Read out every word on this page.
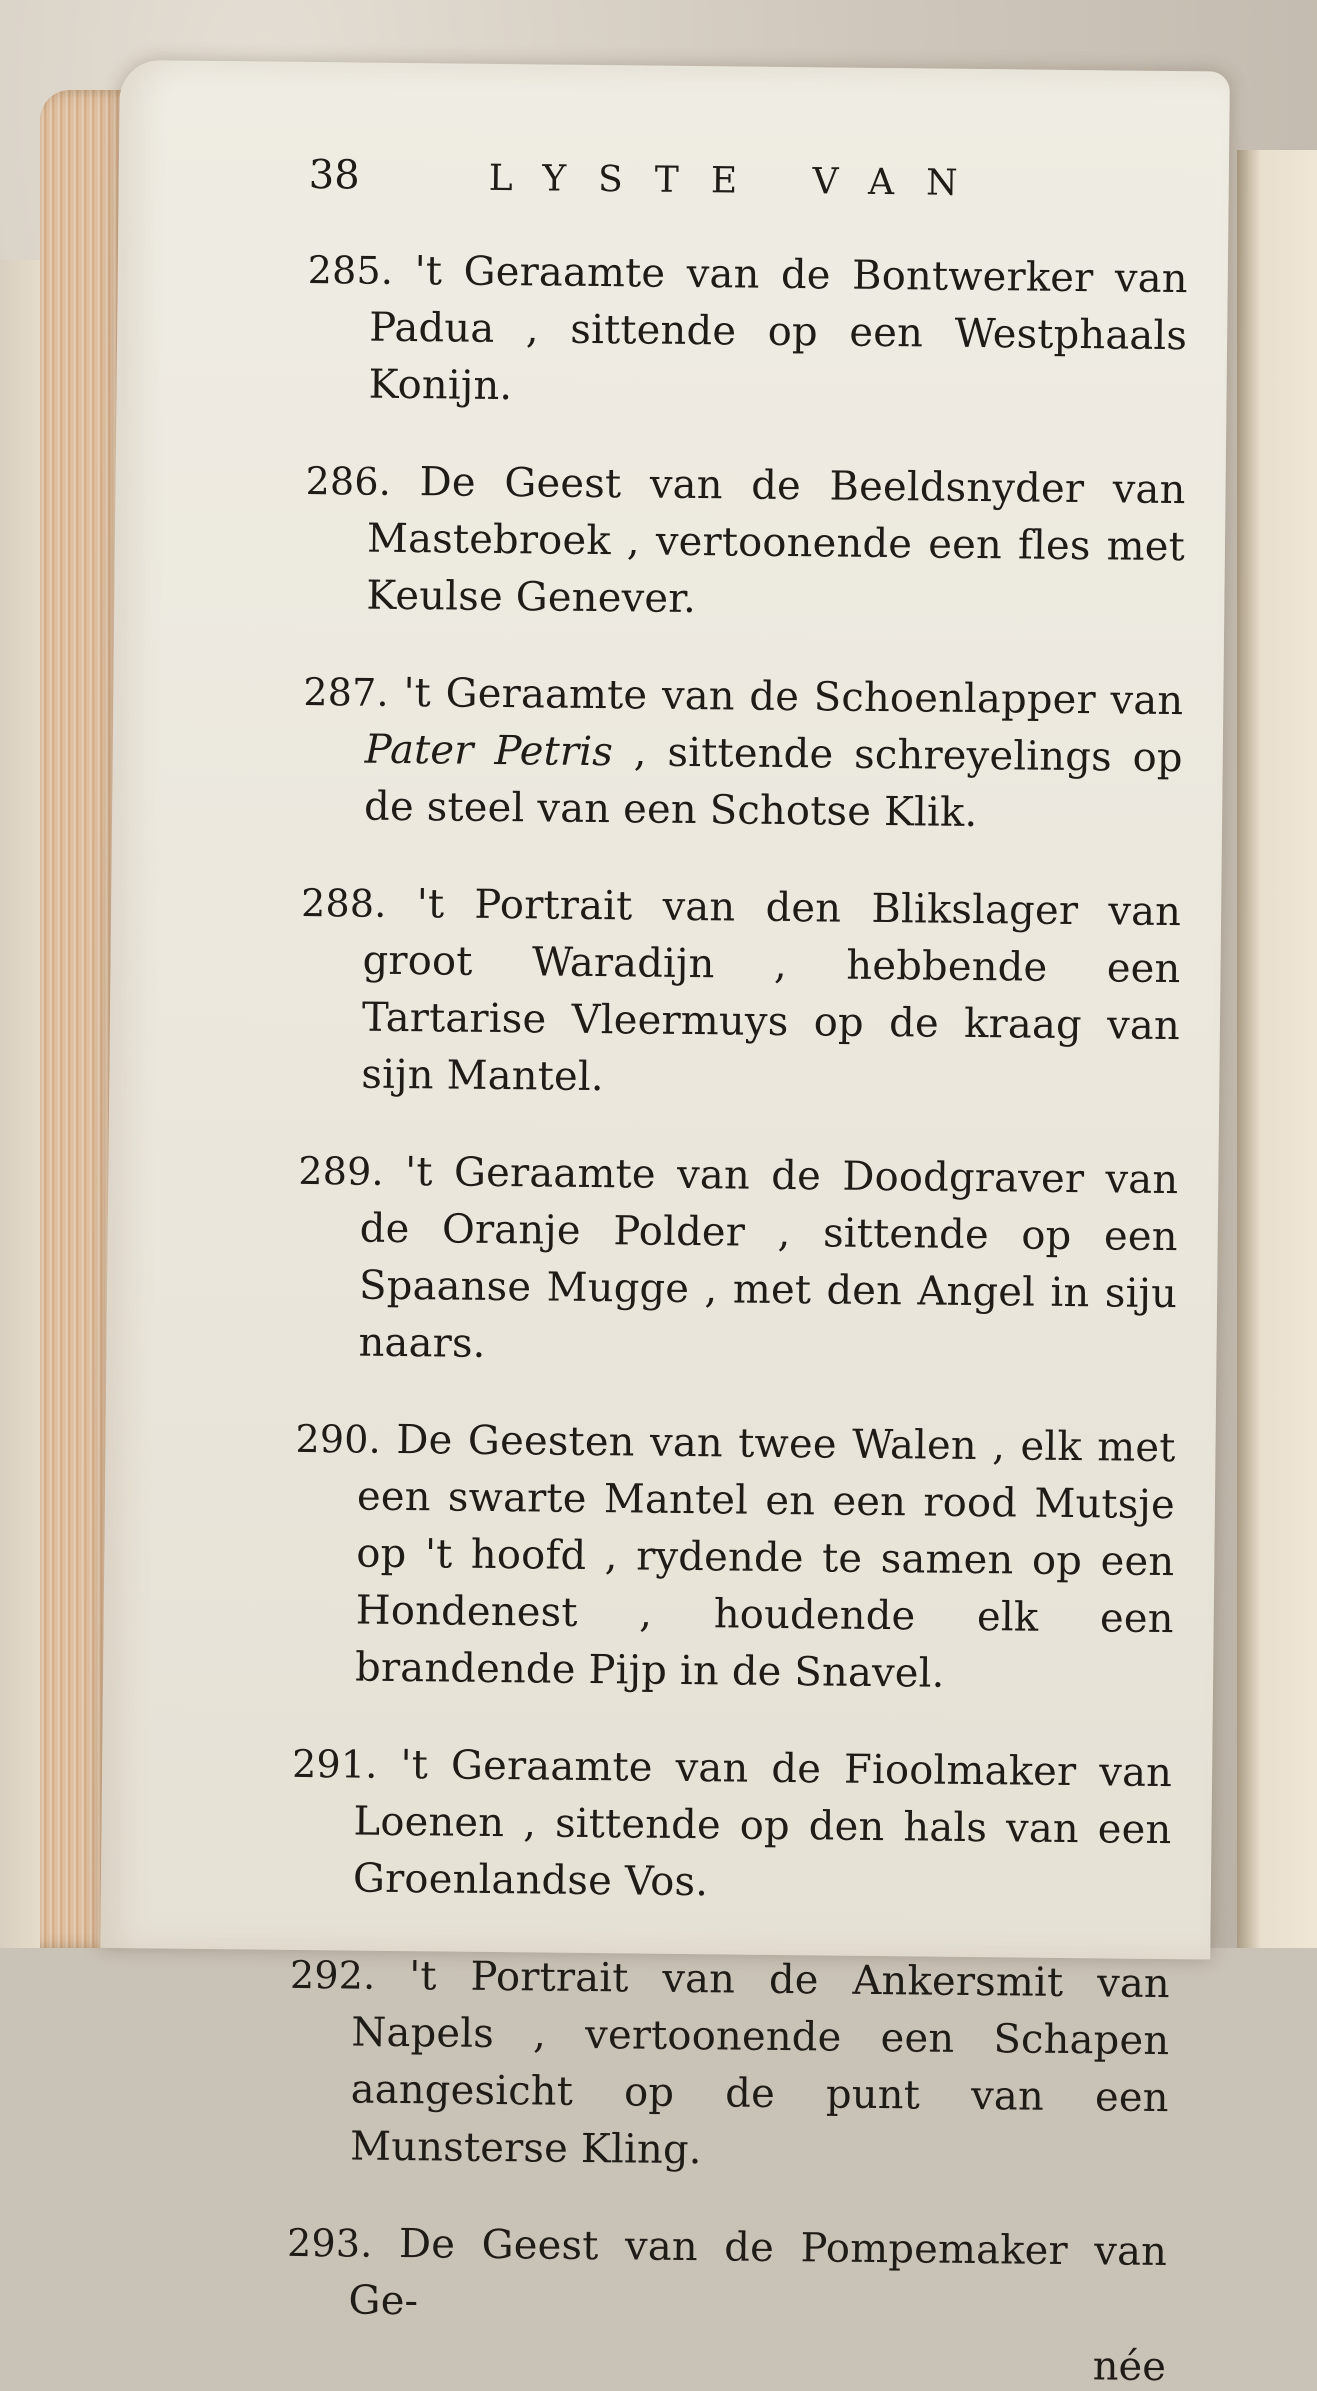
38	LYSTE VAN

285. 't Geraamte van de Bontwerker van Padua , sittende op een Westphaals Konijn.

286. De Geest van de Beeldsnyder van Mastebroek , vertoonende een fles met Keulse Genever.

287. 't Geraamte van de Schoenlapper van Pater Petris , sittende schreyelings op de steel van een Schotse Klik.

288. 't Portrait van den Blikslager van groot Waradijn , hebbende een Tartarise Vleermuys op de kraag van sijn Mantel.

289. 't Geraamte van de Doodgraver van de Oranje Polder , sittende op een Spaanse Mugge , met den Angel in siju naars.

290. De Geesten van twee Walen , elk met een swarte Mantel en een rood Mutsje op 't hoofd , rydende te samen op een Hondenest , houdende elk een brandende Pijp in de Snavel.

291. 't Geraamte van de Fioolmaker van Loenen , sittende op den hals van een Groenlandse Vos.

292. 't Portrait van de Ankersmit van Napels , vertoonende een Schapen aangesicht op de punt van een Munsterse Kling.

293. De Geest van de Pompemaker van Ge-

née
